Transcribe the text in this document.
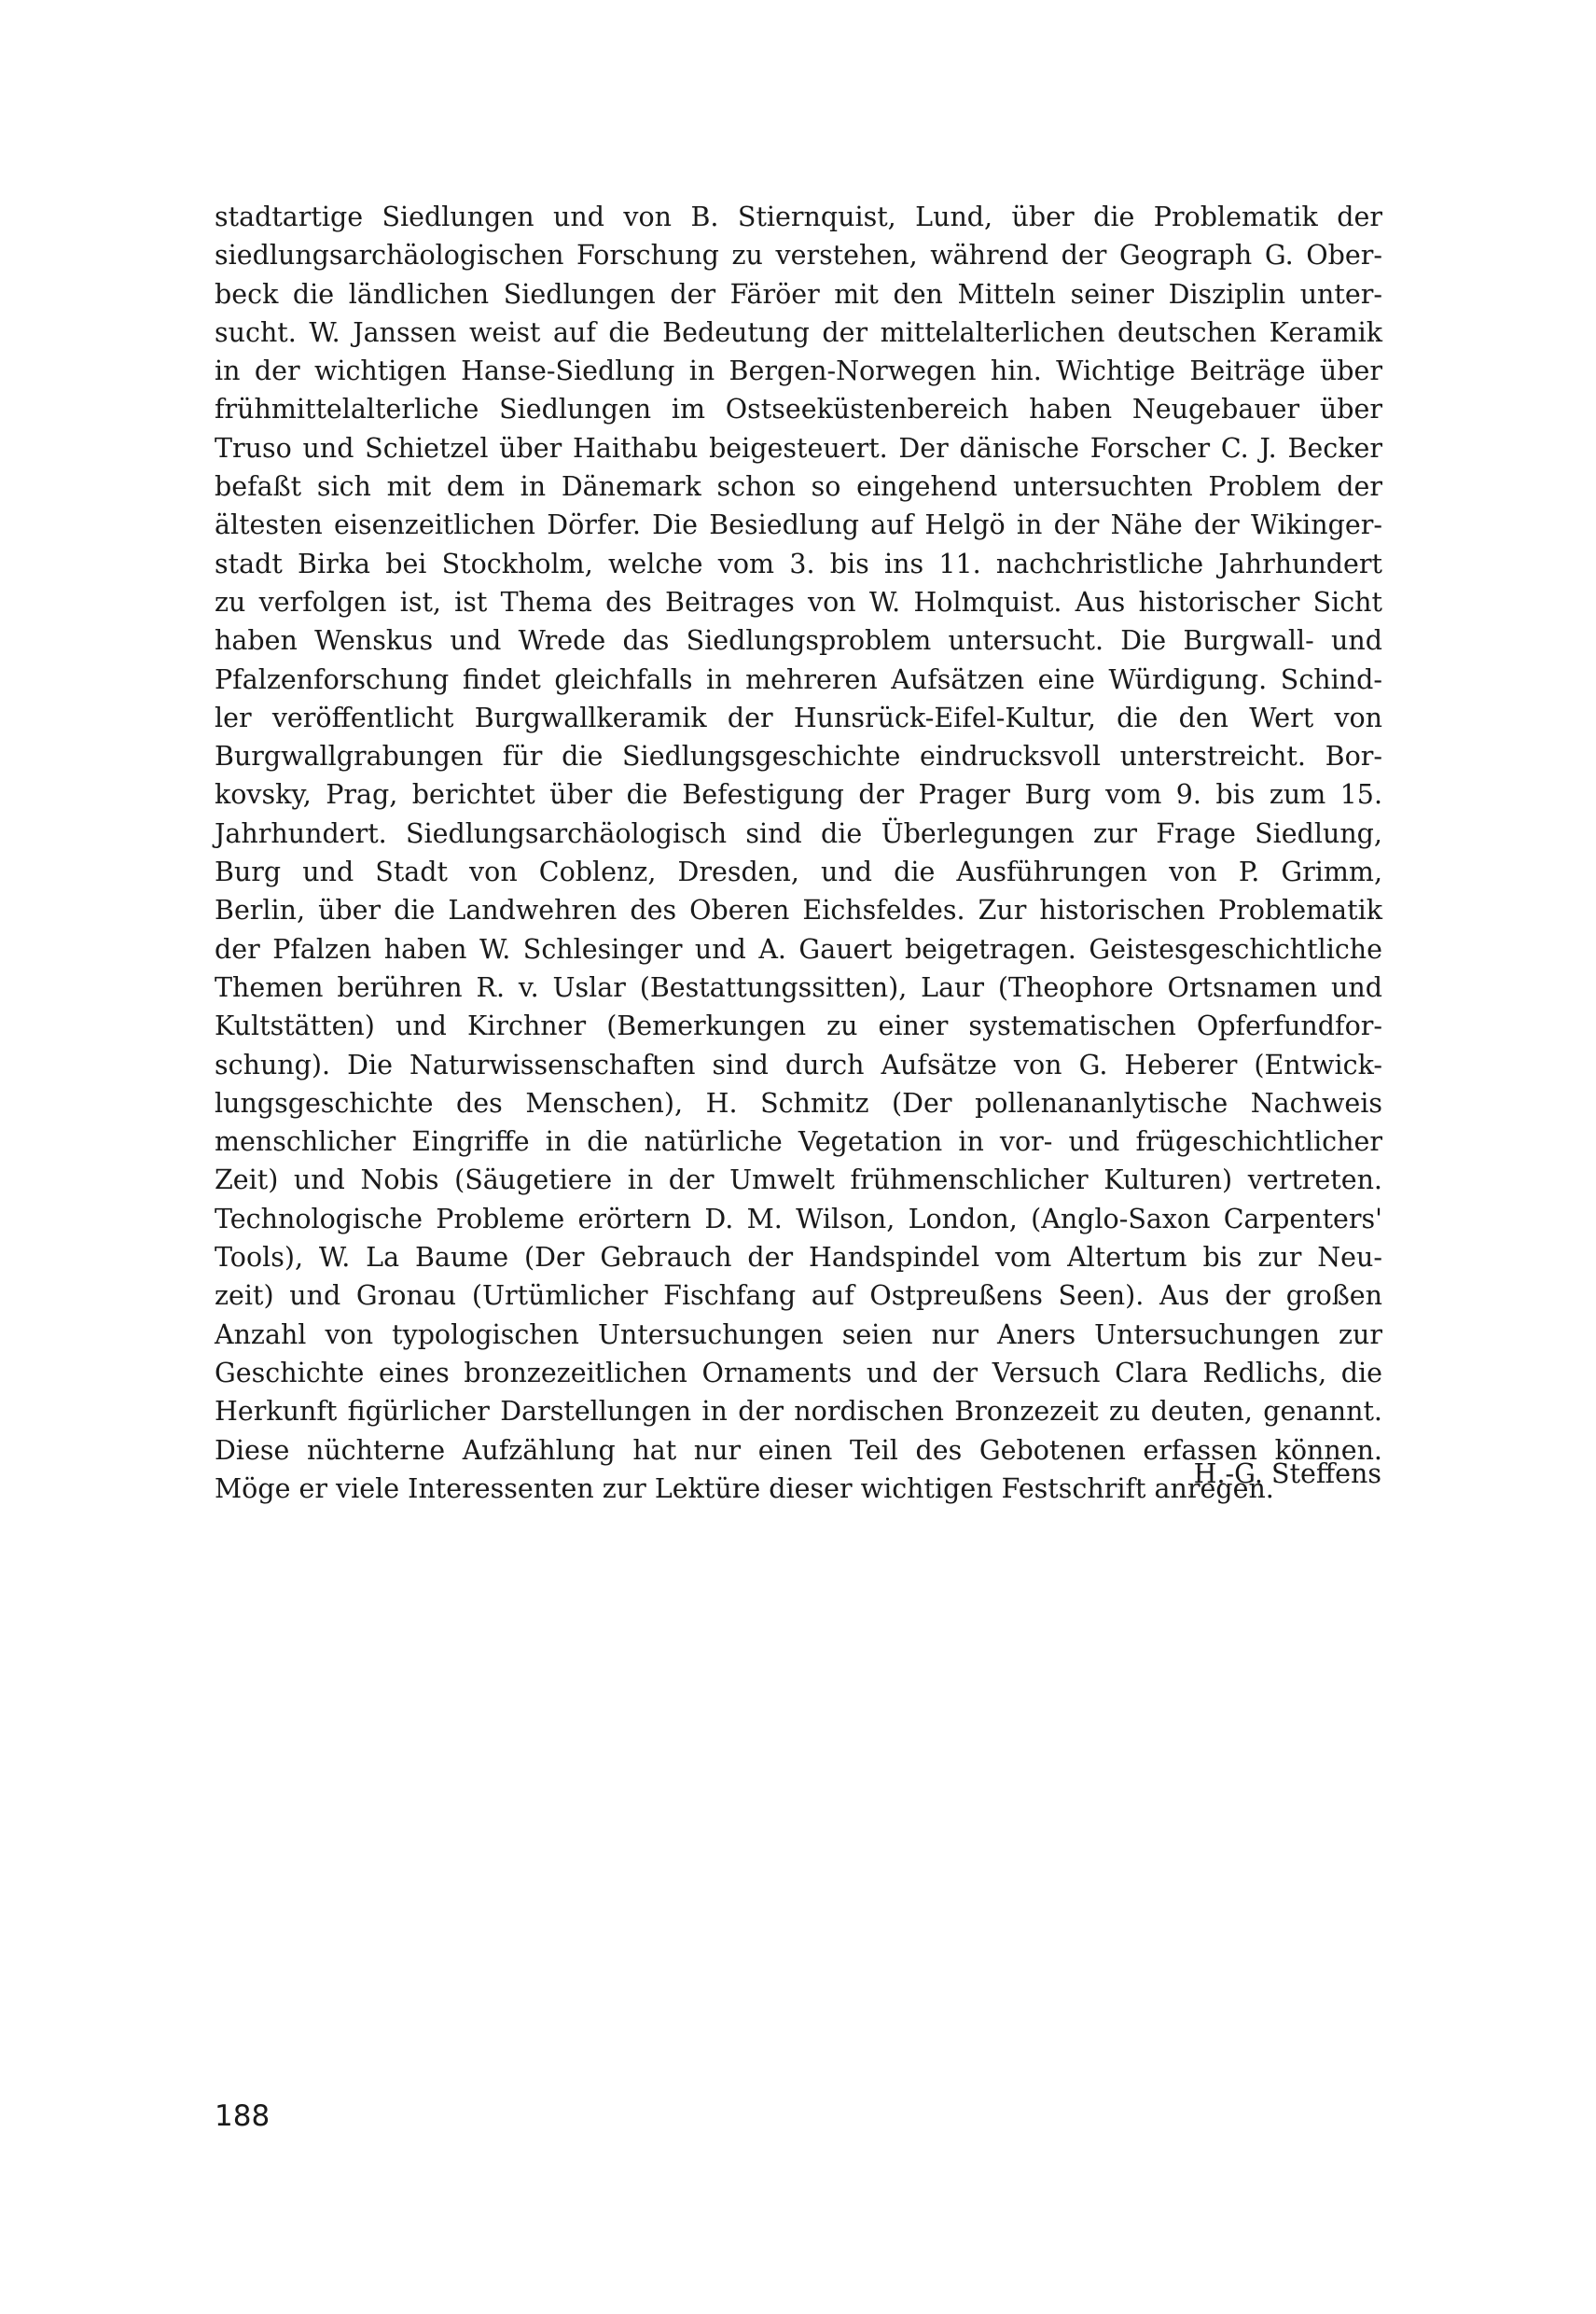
stadtartige Siedlungen und von B. Stiernquist, Lund, über die Problematik der
siedlungsarchäologischen Forschung zu verstehen, während der Geograph G. Ober-
beck die ländlichen Siedlungen der Färöer mit den Mitteln seiner Disziplin unter-
sucht. W. Janssen weist auf die Bedeutung der mittelalterlichen deutschen Keramik
in der wichtigen Hanse-Siedlung in Bergen-Norwegen hin. Wichtige Beiträge über
frühmittelalterliche Siedlungen im Ostseeküstenbereich haben Neugebauer über
Truso und Schietzel über Haithabu beigesteuert. Der dänische Forscher C. J. Becker
befaßt sich mit dem in Dänemark schon so eingehend untersuchten Problem der
ältesten eisenzeitlichen Dörfer. Die Besiedlung auf Helgö in der Nähe der Wikinger-
stadt Birka bei Stockholm, welche vom 3. bis ins 11. nachchristliche Jahrhundert
zu verfolgen ist, ist Thema des Beitrages von W. Holmquist. Aus historischer Sicht
haben Wenskus und Wrede das Siedlungsproblem untersucht. Die Burgwall- und
Pfalzenforschung findet gleichfalls in mehreren Aufsätzen eine Würdigung. Schind-
ler veröffentlicht Burgwallkeramik der Hunsrück-Eifel-Kultur, die den Wert von
Burgwallgrabungen für die Siedlungsgeschichte eindrucksvoll unterstreicht. Bor-
kovsky, Prag, berichtet über die Befestigung der Prager Burg vom 9. bis zum 15.
Jahrhundert. Siedlungsarchäologisch sind die Überlegungen zur Frage Siedlung,
Burg und Stadt von Coblenz, Dresden, und die Ausführungen von P. Grimm,
Berlin, über die Landwehren des Oberen Eichsfeldes. Zur historischen Problematik
der Pfalzen haben W. Schlesinger und A. Gauert beigetragen. Geistesgeschichtliche
Themen berühren R. v. Uslar (Bestattungssitten), Laur (Theophore Ortsnamen und
Kultstätten) und Kirchner (Bemerkungen zu einer systematischen Opferfundfor-
schung). Die Naturwissenschaften sind durch Aufsätze von G. Heberer (Entwick-
lungsgeschichte des Menschen), H. Schmitz (Der pollenananlytische Nachweis
menschlicher Eingriffe in die natürliche Vegetation in vor- und frügeschichtlicher
Zeit) und Nobis (Säugetiere in der Umwelt frühmenschlicher Kulturen) vertreten.
Technologische Probleme erörtern D. M. Wilson, London, (Anglo-Saxon Carpenters'
Tools), W. La Baume (Der Gebrauch der Handspindel vom Altertum bis zur Neu-
zeit) und Gronau (Urtümlicher Fischfang auf Ostpreußens Seen). Aus der großen
Anzahl von typologischen Untersuchungen seien nur Aners Untersuchungen zur
Geschichte eines bronzezeitlichen Ornaments und der Versuch Clara Redlichs, die
Herkunft figürlicher Darstellungen in der nordischen Bronzezeit zu deuten, genannt.
Diese nüchterne Aufzählung hat nur einen Teil des Gebotenen erfassen können.
Möge er viele Interessenten zur Lektüre dieser wichtigen Festschrift anregen.
H.-G. Steffens
188
